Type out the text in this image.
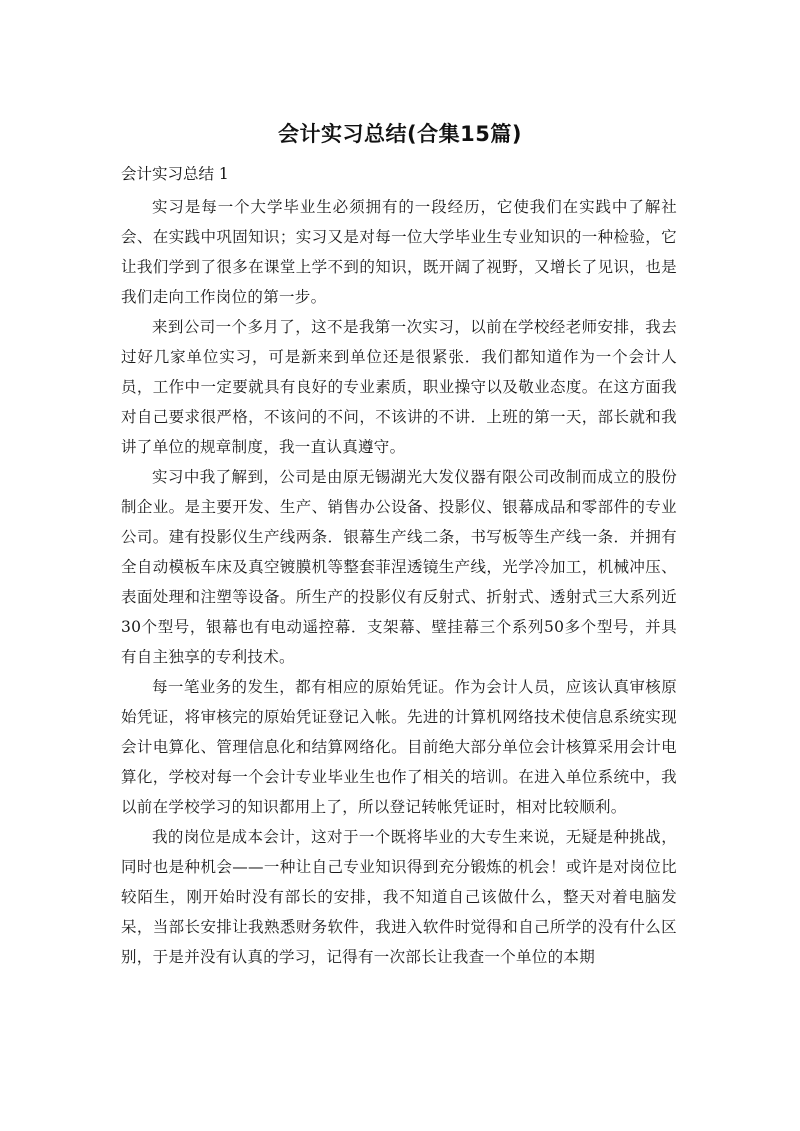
会计实习总结(合集15篇)
会计实习总结 1

实习是每一个大学毕业生必须拥有的一段经历，它使我们在实践中了解社会、在实践中巩固知识；实习又是对每一位大学毕业生专业知识的一种检验，它让我们学到了很多在课堂上学不到的知识，既开阔了视野，又增长了见识，也是我们走向工作岗位的第一步。

来到公司一个多月了，这不是我第一次实习，以前在学校经老师安排，我去过好几家单位实习，可是新来到单位还是很紧张．我们都知道作为一个会计人员，工作中一定要就具有良好的专业素质，职业操守以及敬业态度。在这方面我对自己要求很严格，不该问的不问，不该讲的不讲．上班的第一天，部长就和我讲了单位的规章制度，我一直认真遵守。

实习中我了解到，公司是由原无锡湖光大发仪器有限公司改制而成立的股份制企业。是主要开发、生产、销售办公设备、投影仪、银幕成品和零部件的专业公司。建有投影仪生产线两条．银幕生产线二条，书写板等生产线一条．并拥有全自动模板车床及真空镀膜机等整套菲涅透镜生产线，光学冷加工，机械冲压、表面处理和注塑等设备。所生产的投影仪有反射式、折射式、透射式三大系列近30个型号，银幕也有电动遥控幕．支架幕、壁挂幕三个系列50多个型号，并具有自主独享的专利技术。

每一笔业务的发生，都有相应的原始凭证。作为会计人员，应该认真审核原始凭证，将审核完的原始凭证登记入帐。先进的计算机网络技术使信息系统实现会计电算化、管理信息化和结算网络化。目前绝大部分单位会计核算采用会计电算化，学校对每一个会计专业毕业生也作了相关的培训。在进入单位系统中，我以前在学校学习的知识都用上了，所以登记转帐凭证时，相对比较顺利。

我的岗位是成本会计，这对于一个既将毕业的大专生来说，无疑是种挑战，同时也是种机会——一种让自己专业知识得到充分锻炼的机会！或许是对岗位比较陌生，刚开始时没有部长的安排，我不知道自己该做什么，整天对着电脑发呆，当部长安排让我熟悉财务软件，我进入软件时觉得和自己所学的没有什么区别，于是并没有认真的学习，记得有一次部长让我查一个单位的本期
